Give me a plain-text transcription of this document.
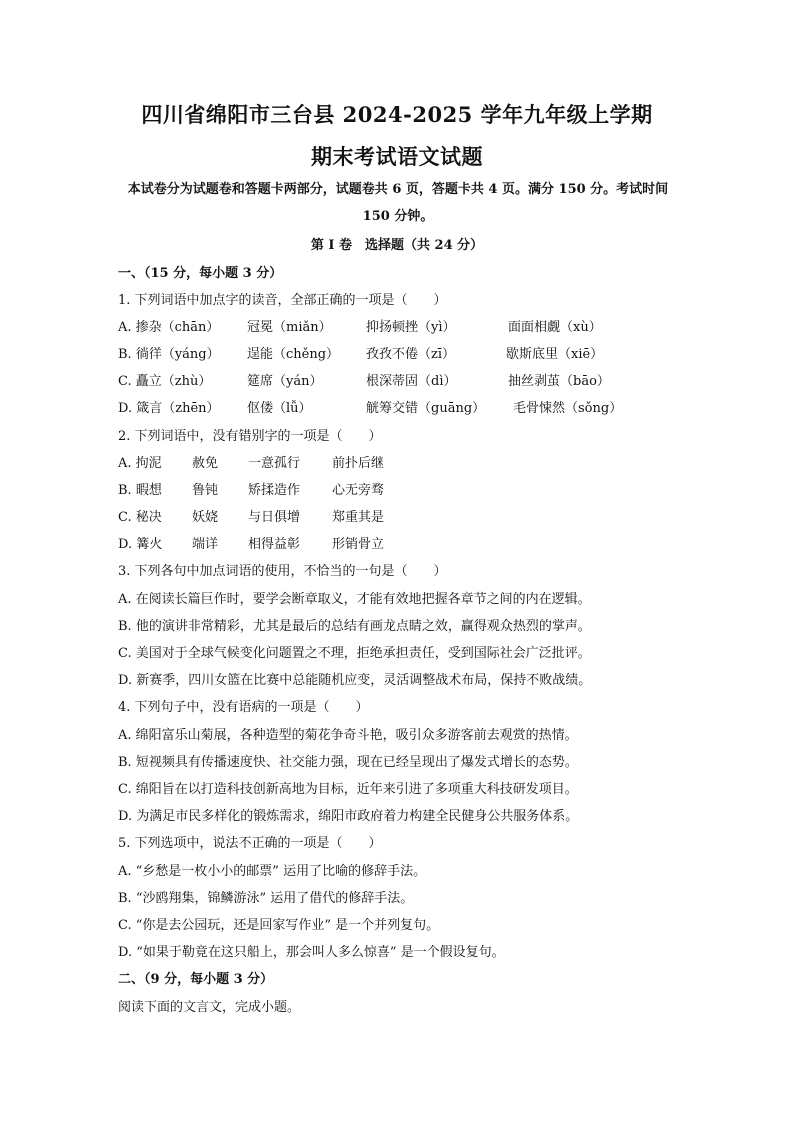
四川省绵阳市三台县 2024-2025 学年九年级上学期
期末考试语文试题
本试卷分为试题卷和答题卡两部分，试题卷共 6 页，答题卡共 4 页。满分 150 分。考试时间 150 分钟。
第 I 卷　选择题（共 24 分）
一、（15 分，每小题 3 分）
1. 下列词语中加点字的读音，全部正确的一项是（　　）
A. 掺杂（chān） 冠冕（miǎn）	抑扬顿挫（yì）	面面相觑（xù）
B. 徜徉（yáng） 逞能（chěng） 孜孜不倦（zī）	歇斯底里（xiē）
C. 矗立（zhù）	筵席（yán）	根深蒂固（dì）	抽丝剥茧（bāo）
D. 箴言（zhēn） 伛偻（lǚ）	觥筹交错（guāng） 毛骨悚然（sǒng）
2. 下列词语中，没有错别字的一项是（　　）
A. 拘泥 赦免 一意孤行 前扑后继
B. 暇想 鲁钝 矫揉造作 心无旁骛
C. 秘决 妖娆 与日俱增 郑重其是
D. 篝火 端详 相得益彰 形销骨立
3. 下列各句中加点词语的使用，不恰当的一句是（　　）
A. 在阅读长篇巨作时，要学会断章取义，才能有效地把握各章节之间的内在逻辑。
B. 他的演讲非常精彩，尤其是最后的总结有画龙点睛之效，赢得观众热烈的掌声。
C. 美国对于全球气候变化问题置之不理，拒绝承担责任，受到国际社会广泛批评。
D. 新赛季，四川女篮在比赛中总能随机应变，灵活调整战术布局，保持不败战绩。
4. 下列句子中，没有语病的一项是（　　）
A. 绵阳富乐山菊展，各种造型的菊花争奇斗艳，吸引众多游客前去观赏的热情。
B. 短视频具有传播速度快、社交能力强，现在已经呈现出了爆发式增长的态势。
C. 绵阳旨在以打造科技创新高地为目标，近年来引进了多项重大科技研发项目。
D. 为满足市民多样化的锻炼需求，绵阳市政府着力构建全民健身公共服务体系。
5. 下列选项中，说法不正确的一项是（　　）
A. “乡愁是一枚小小的邮票” 运用了比喻的修辞手法。
B. “沙鸥翔集，锦鳞游泳” 运用了借代的修辞手法。
C. “你是去公园玩，还是回家写作业” 是一个并列复句。
D. “如果于勒竟在这只船上，那会叫人多么惊喜” 是一个假设复句。
二、（9 分，每小题 3 分）
阅读下面的文言文，完成小题。
